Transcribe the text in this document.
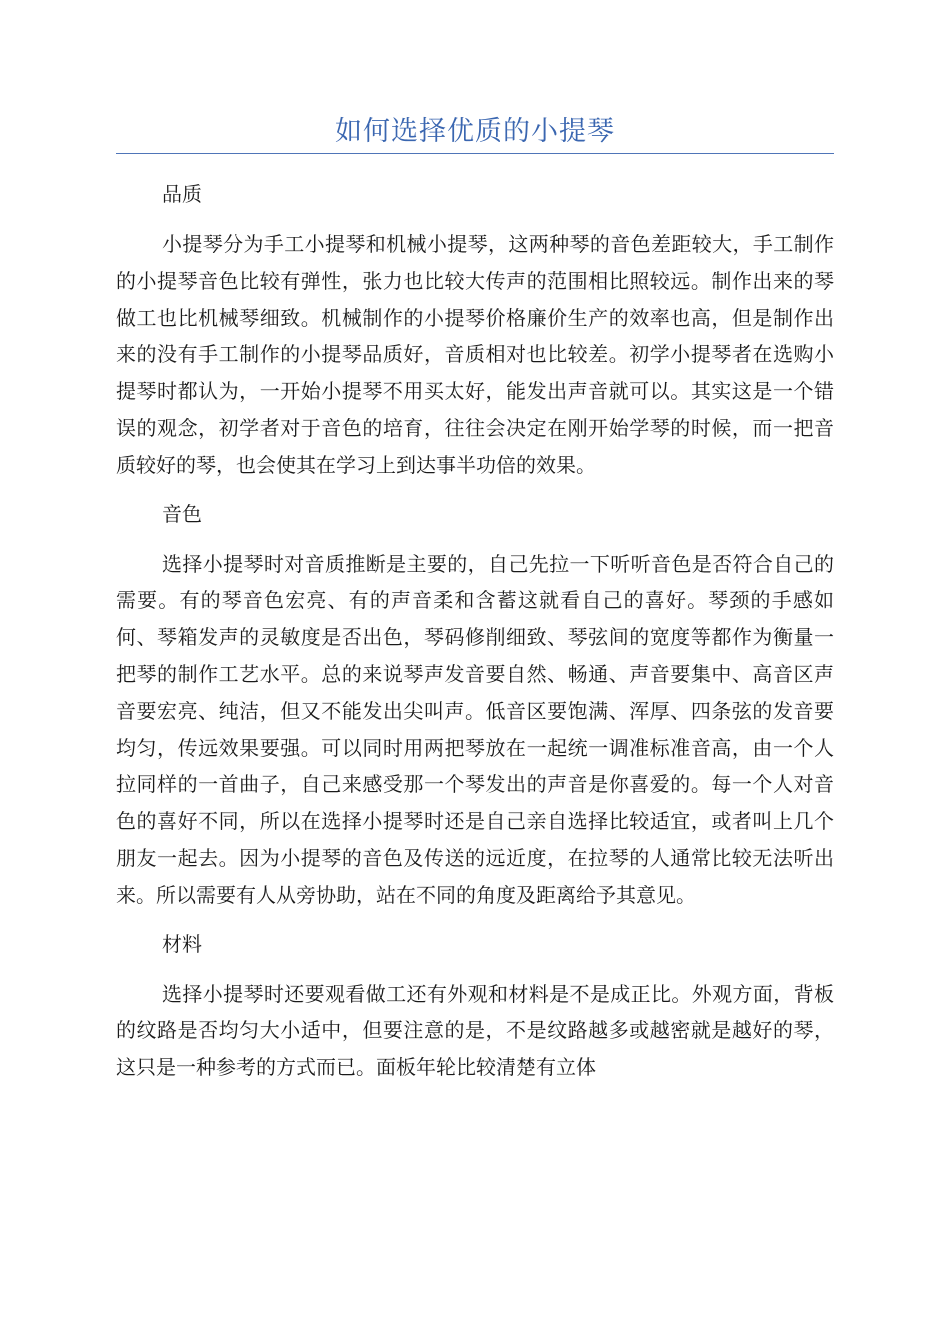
如何选择优质的小提琴

品质

小提琴分为手工小提琴和机械小提琴，这两种琴的音色差距较大，手工制作的小提琴音色比较有弹性，张力也比较大传声的范围相比照较远。制作出来的琴做工也比机械琴细致。机械制作的小提琴价格廉价生产的效率也高，但是制作出来的没有手工制作的小提琴品质好，音质相对也比较差。初学小提琴者在选购小提琴时都认为，一开始小提琴不用买太好，能发出声音就可以。其实这是一个错误的观念，初学者对于音色的培育，往往会决定在刚开始学琴的时候，而一把音质较好的琴，也会使其在学习上到达事半功倍的效果。

音色

选择小提琴时对音质推断是主要的，自己先拉一下听听音色是否符合自己的需要。有的琴音色宏亮、有的声音柔和含蓄这就看自己的喜好。琴颈的手感如何、琴箱发声的灵敏度是否出色，琴码修削细致、琴弦间的宽度等都作为衡量一把琴的制作工艺水平。总的来说琴声发音要自然、畅通、声音要集中、高音区声音要宏亮、纯洁，但又不能发出尖叫声。低音区要饱满、浑厚、四条弦的发音要均匀，传远效果要强。可以同时用两把琴放在一起统一调准标准音高，由一个人拉同样的一首曲子，自己来感受那一个琴发出的声音是你喜爱的。每一个人对音色的喜好不同，所以在选择小提琴时还是自己亲自选择比较适宜，或者叫上几个朋友一起去。因为小提琴的音色及传送的远近度，在拉琴的人通常比较无法听出来。所以需要有人从旁协助，站在不同的角度及距离给予其意见。

材料

选择小提琴时还要观看做工还有外观和材料是不是成正比。外观方面，背板的纹路是否均匀大小适中，但要注意的是，不是纹路越多或越密就是越好的琴，这只是一种参考的方式而已。面板年轮比较清楚有立体
